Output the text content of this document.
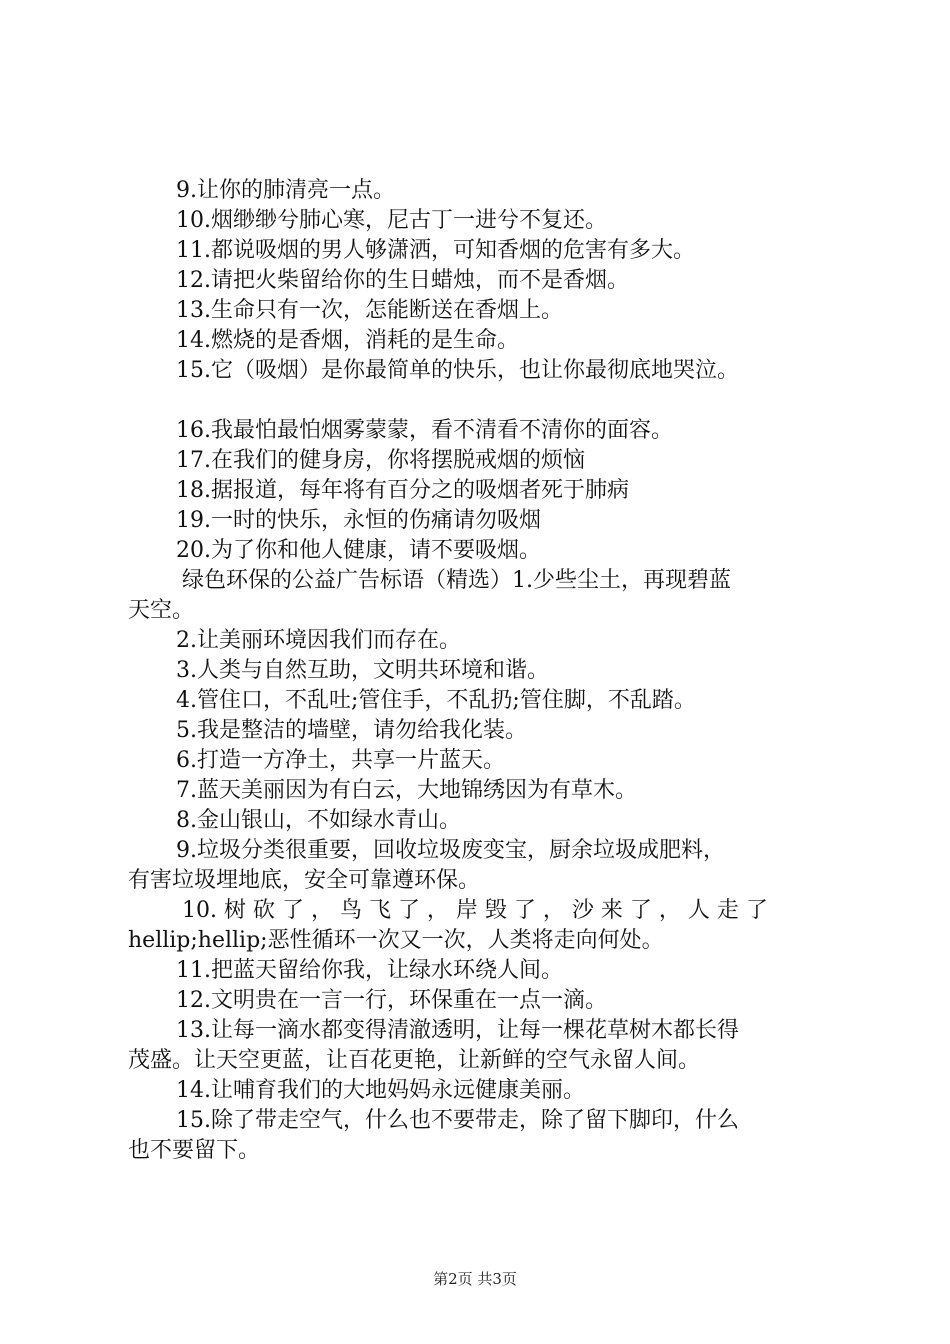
9.让你的肺清亮一点。
10.烟缈缈兮肺心寒，尼古丁一进兮不复还。
11.都说吸烟的男人够潇洒，可知香烟的危害有多大。
12.请把火柴留给你的生日蜡烛，而不是香烟。
13.生命只有一次，怎能断送在香烟上。
14.燃烧的是香烟，消耗的是生命。
15.它（吸烟）是你最简单的快乐，也让你最彻底地哭泣。
16.我最怕最怕烟雾蒙蒙，看不清看不清你的面容。
17.在我们的健身房，你将摆脱戒烟的烦恼
18.据报道，每年将有百分之的吸烟者死于肺病
19.一时的快乐，永恒的伤痛请勿吸烟
20.为了你和他人健康，请不要吸烟。
绿色环保的公益广告标语（精选）1.少些尘土，再现碧蓝
天空。
2.让美丽环境因我们而存在。
3.人类与自然互助，文明共环境和谐。
4.管住口，不乱吐;管住手，不乱扔;管住脚，不乱踏。
5.我是整洁的墙壁，请勿给我化装。
6.打造一方净土，共享一片蓝天。
7.蓝天美丽因为有白云，大地锦绣因为有草木。
8.金山银山，不如绿水青山。
9.垃圾分类很重要，回收垃圾废变宝，厨余垃圾成肥料，
有害垃圾埋地底，安全可靠遵环保。
10. 树 砍 了 ， 鸟 飞 了 ， 岸 毁 了 ， 沙 来 了 ， 人 走 了
hellip;hellip;恶性循环一次又一次，人类将走向何处。
11.把蓝天留给你我，让绿水环绕人间。
12.文明贵在一言一行，环保重在一点一滴。
13.让每一滴水都变得清澈透明，让每一棵花草树木都长得
茂盛。让天空更蓝，让百花更艳，让新鲜的空气永留人间。
14.让哺育我们的大地妈妈永远健康美丽。
15.除了带走空气，什么也不要带走，除了留下脚印，什么
也不要留下。
第2页 共3页
